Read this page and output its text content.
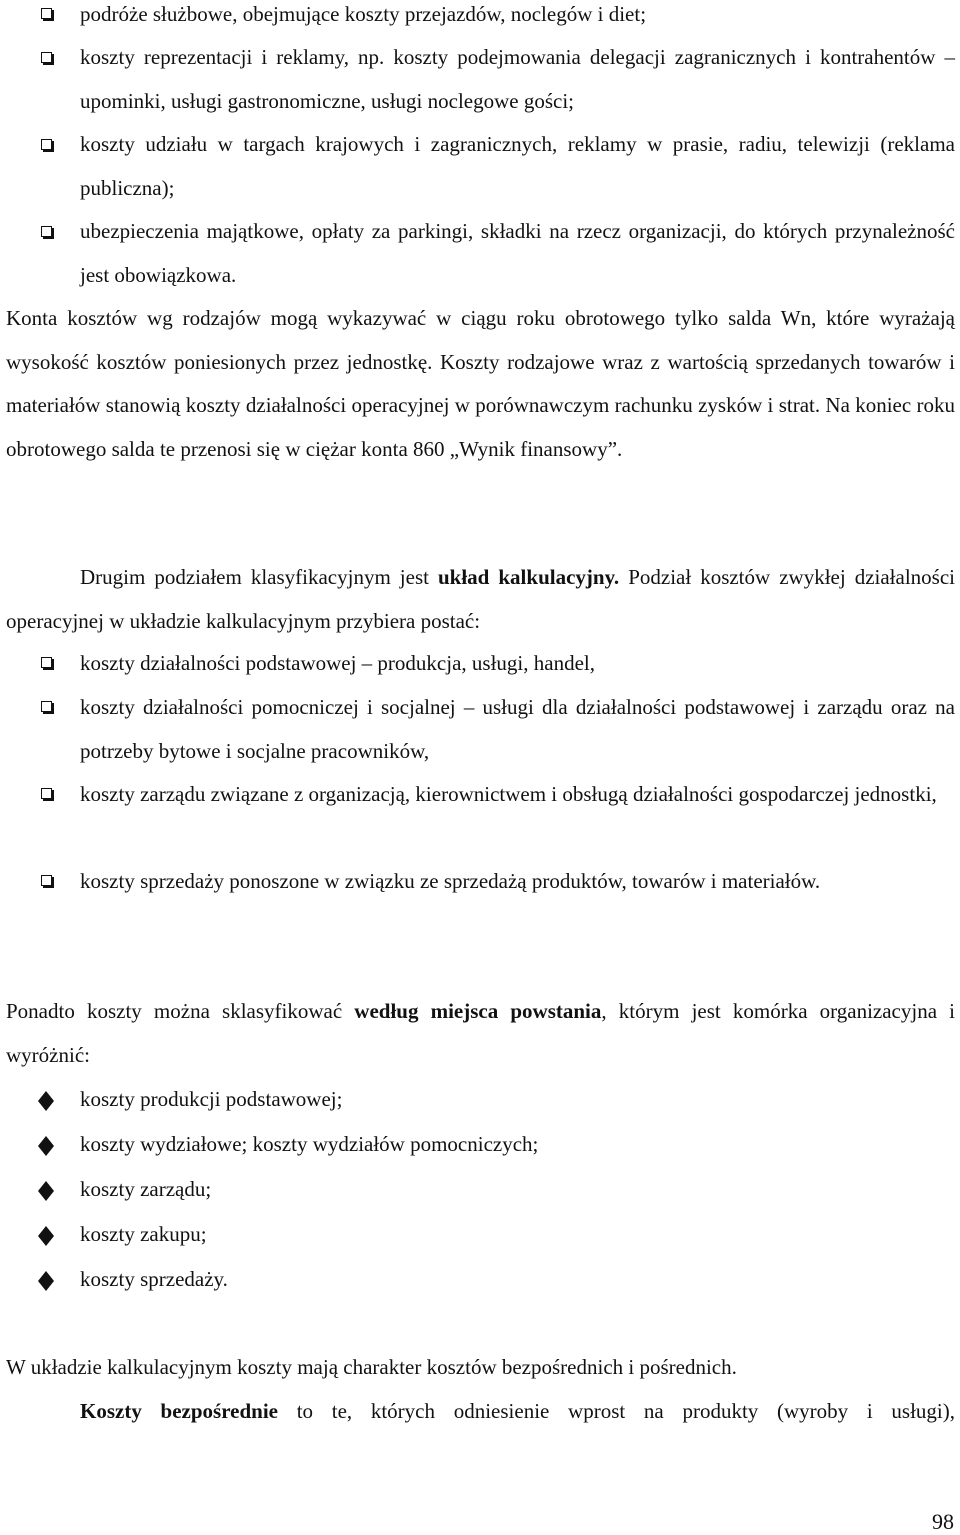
podróże służbowe, obejmujące koszty przejazdów, noclegów i diet;
koszty reprezentacji i reklamy, np. koszty podejmowania delegacji zagranicznych i kontrahentów – upominki, usługi gastronomiczne, usługi noclegowe gości;
koszty udziału w targach krajowych i zagranicznych, reklamy w prasie, radiu, telewizji (reklama publiczna);
ubezpieczenia majątkowe, opłaty za parkingi, składki na rzecz organizacji, do których przynależność jest obowiązkowa.
Konta kosztów wg rodzajów mogą wykazywać w ciągu roku obrotowego tylko salda Wn, które wyrażają wysokość kosztów poniesionych przez jednostkę. Koszty rodzajowe wraz z wartością sprzedanych towarów i materiałów stanowią koszty działalności operacyjnej w porównawczym rachunku zysków i strat. Na koniec roku obrotowego salda te przenosi się w ciężar konta 860 „Wynik finansowy”.
Drugim podziałem klasyfikacyjnym jest układ kalkulacyjny. Podział kosztów zwykłej działalności operacyjnej w układzie kalkulacyjnym przybiera postać:
koszty działalności podstawowej – produkcja, usługi, handel,
koszty działalności pomocniczej i socjalnej – usługi dla działalności podstawowej i zarządu oraz na potrzeby bytowe i socjalne pracowników,
koszty zarządu związane z organizacją, kierownictwem i obsługą działalności gospodarczej jednostki,
koszty sprzedaży ponoszone w związku ze sprzedażą produktów, towarów i materiałów.
Ponadto koszty można sklasyfikować według miejsca powstania, którym jest komórka organizacyjna i wyróżnić:
koszty produkcji podstawowej;
koszty wydziałowe; koszty wydziałów pomocniczych;
koszty zarządu;
koszty zakupu;
koszty sprzedaży.
W układzie kalkulacyjnym koszty mają charakter kosztów bezpośrednich i pośrednich.
Koszty bezpośrednie to te, których odniesienie wprost na produkty (wyroby i usługi),
98
